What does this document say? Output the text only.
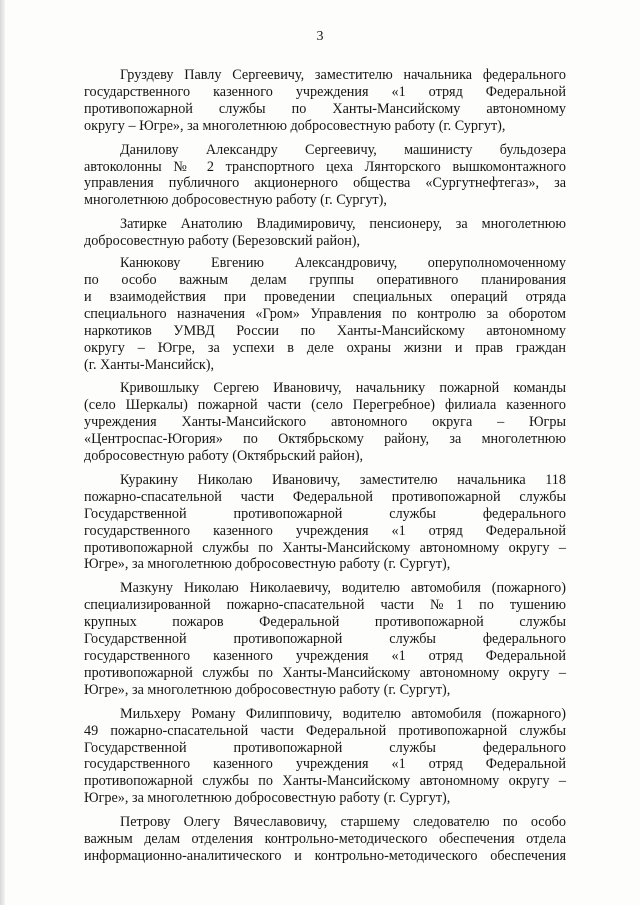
3
Груздеву Павлу Сергеевичу, заместителю начальника федерального
государственного казенного учреждения «1 отряд Федеральной
противопожарной службы по Ханты-Мансийскому автономному
округу – Югре», за многолетнюю добросовестную работу (г. Сургут),
Данилову Александру Сергеевичу, машинисту бульдозера
автоколонны № 2 транспортного цеха Лянторского вышкомонтажного
управления публичного акционерного общества «Сургутнефтегаз», за
многолетнюю добросовестную работу (г. Сургут),
Затирке Анатолию Владимировичу, пенсионеру, за многолетнюю
добросовестную работу (Березовский район),
Канюкову Евгению Александровичу, оперуполномоченному
по особо важным делам группы оперативного планирования
и взаимодействия при проведении специальных операций отряда
специального назначения «Гром» Управления по контролю за оборотом
наркотиков УМВД России по Ханты-Мансийскому автономному
округу – Югре, за успехи в деле охраны жизни и прав граждан
(г. Ханты-Мансийск),
Кривошлыку Сергею Ивановичу, начальнику пожарной команды
(село Шеркалы) пожарной части (село Перегребное) филиала казенного
учреждения Ханты-Мансийского автономного округа – Югры
«Центроспас-Югория» по Октябрьскому району, за многолетнюю
добросовестную работу (Октябрьский район),
Куракину Николаю Ивановичу, заместителю начальника 118
пожарно-спасательной части Федеральной противопожарной службы
Государственной противопожарной службы федерального
государственного казенного учреждения «1 отряд Федеральной
противопожарной службы по Ханты-Мансийскому автономному округу –
Югре», за многолетнюю добросовестную работу (г. Сургут),
Мазкуну Николаю Николаевичу, водителю автомобиля (пожарного)
специализированной пожарно-спасательной части №1 по тушению
крупных пожаров Федеральной противопожарной службы
Государственной противопожарной службы федерального
государственного казенного учреждения «1 отряд Федеральной
противопожарной службы по Ханты-Мансийскому автономному округу –
Югре», за многолетнюю добросовестную работу (г. Сургут),
Мильхеру Роману Филипповичу, водителю автомобиля (пожарного)
49 пожарно-спасательной части Федеральной противопожарной службы
Государственной противопожарной службы федерального
государственного казенного учреждения «1 отряд Федеральной
противопожарной службы по Ханты-Мансийскому автономному округу –
Югре», за многолетнюю добросовестную работу (г. Сургут),
Петрову Олегу Вячеславовичу, старшему следователю по особо
важным делам отделения контрольно-методического обеспечения отдела
информационно-аналитического и контрольно-методического обеспечения
